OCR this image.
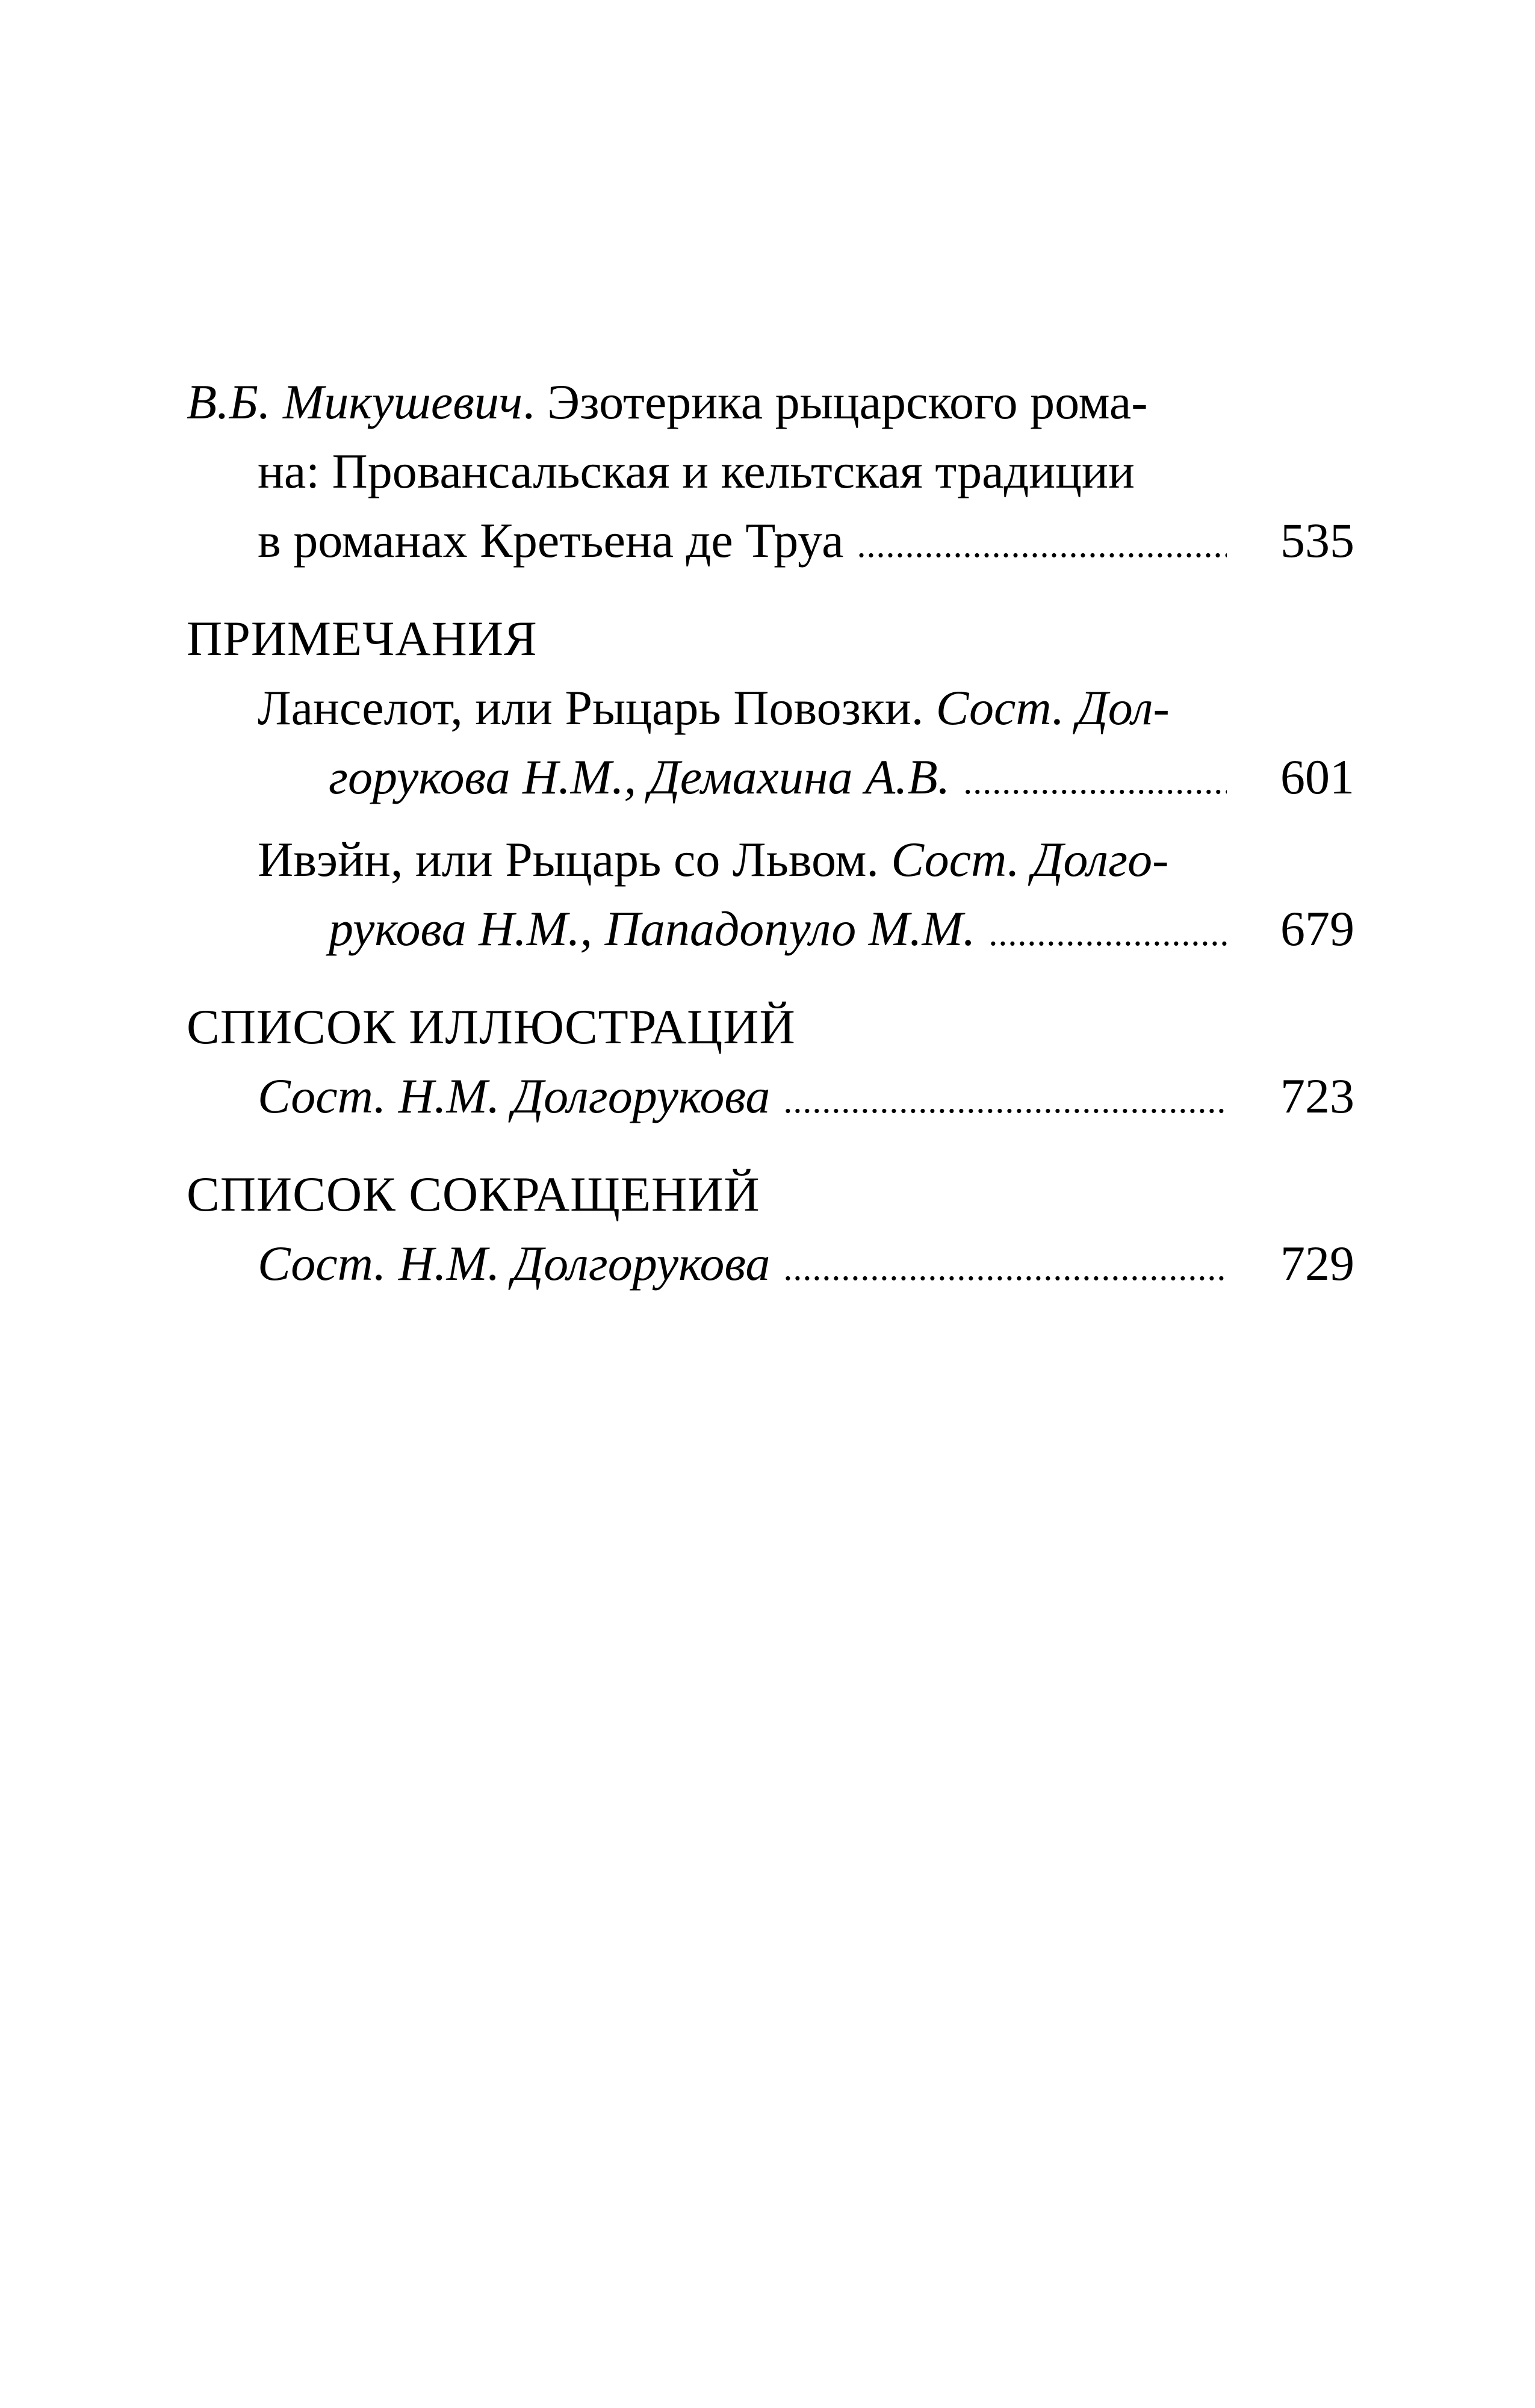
В.Б. Микушевич. Эзотерика рыцарского рома-
на: Провансальская и кельтская традиции
в романах Кретьена де Труа . . .	535
ПРИМЕЧАНИЯ
Ланселот, или Рыцарь Повозки. Сост. Дол-
горукова Н.М., Демахина А.В. . . .	601
Ивэйн, или Рыцарь со Львом. Сост. Долго-
рукова Н.М., Пападопуло М.М. . . .	679
СПИСОК ИЛЛЮСТРАЦИЙ
Сост. Н.М. Долгорукова . . .	723
СПИСОК СОКРАЩЕНИЙ
Сост. Н.М. Долгорукова . . .	729
